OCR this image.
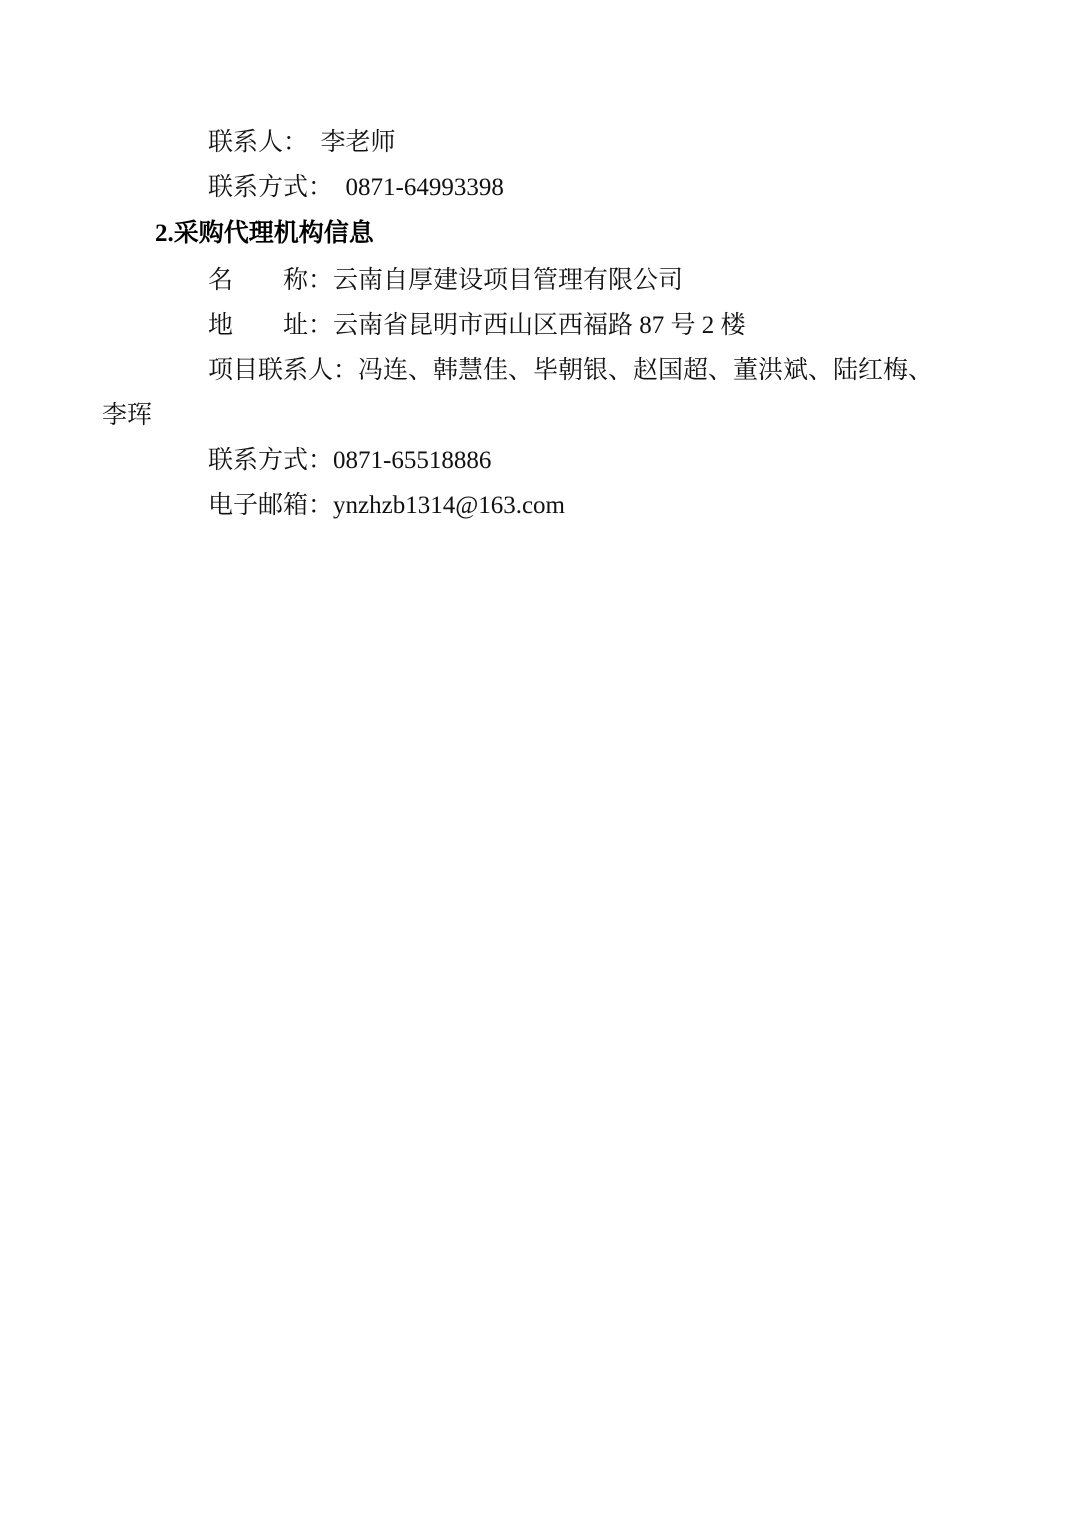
联系人：  李老师
联系方式：  0871-64993398
2.采购代理机构信息
名　　称：云南自厚建设项目管理有限公司
地　　址：云南省昆明市西山区西福路 87 号 2 楼
项目联系人：冯连、韩慧佳、毕朝银、赵国超、董洪斌、陆红梅、
李珲
联系方式：0871-65518886
电子邮箱：ynzhzb1314@163.com
